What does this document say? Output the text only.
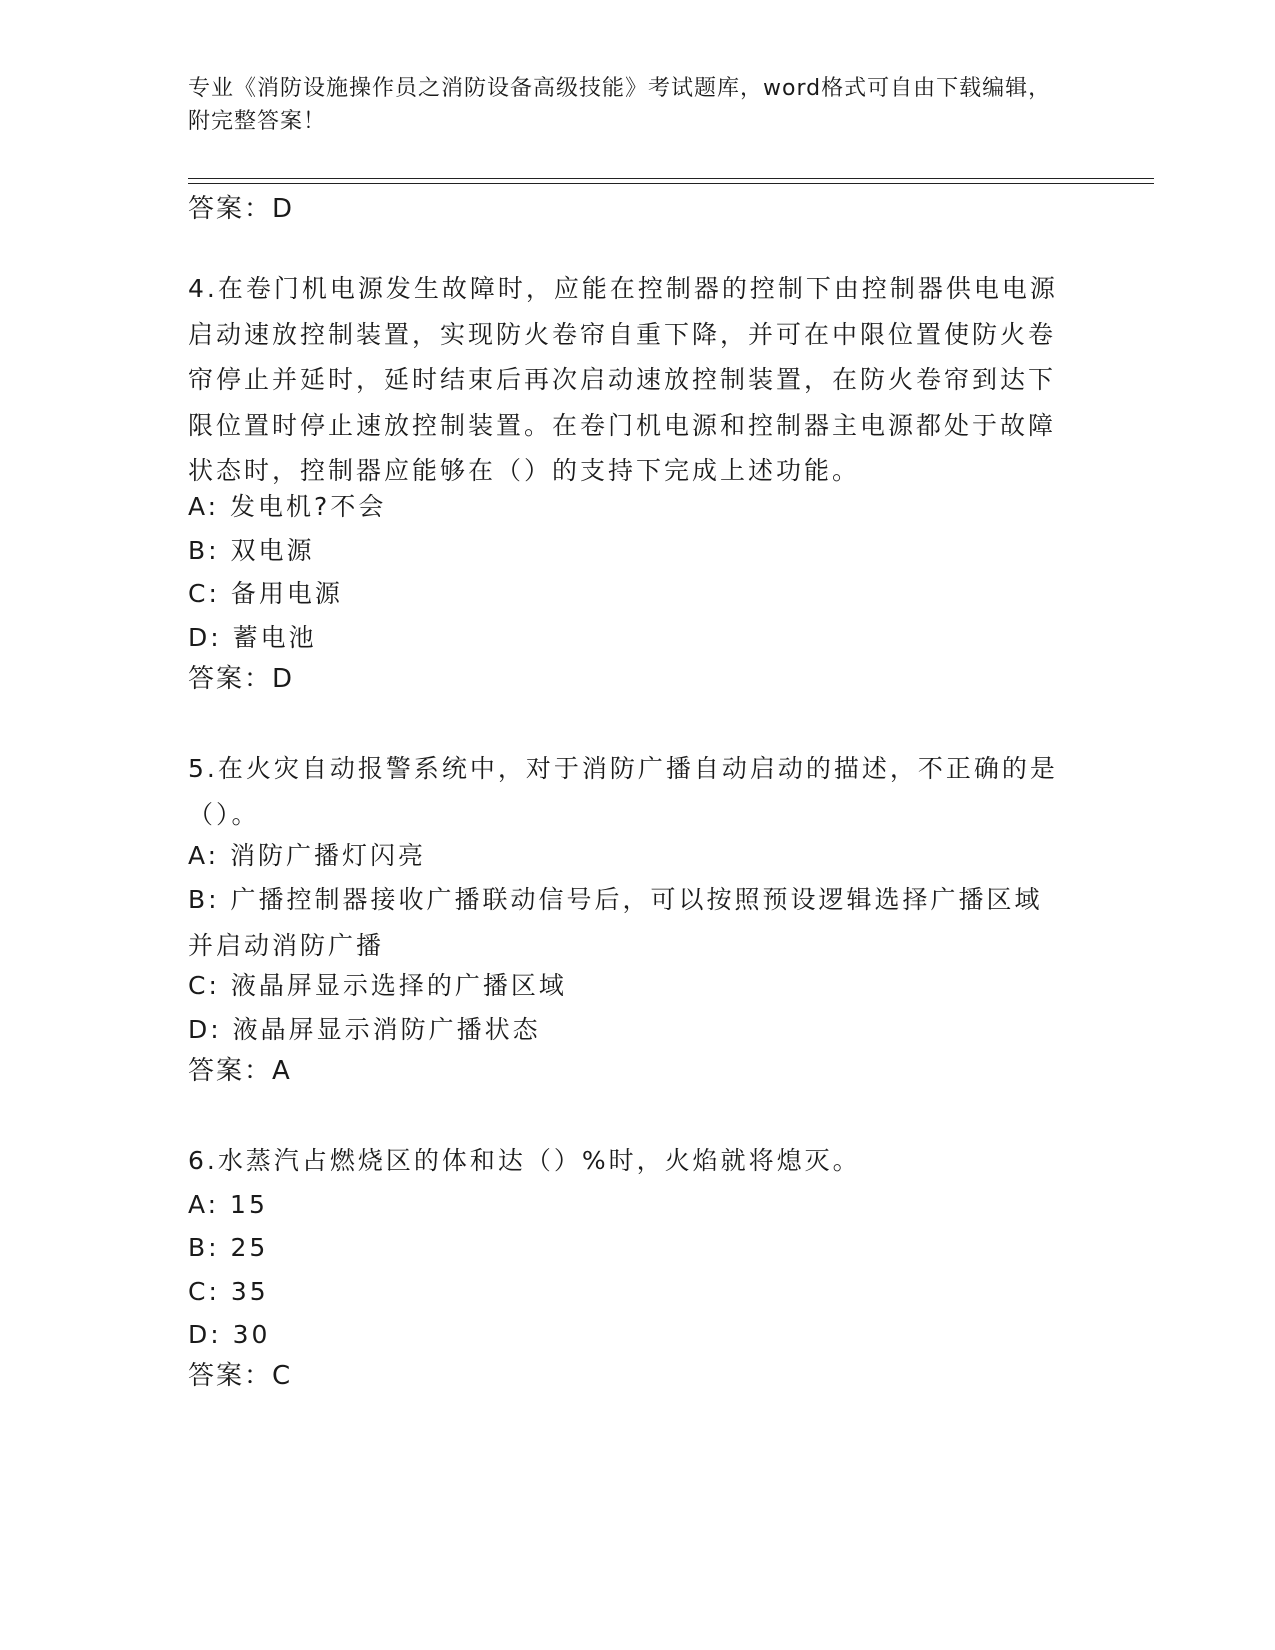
专业《消防设施操作员之消防设备高级技能》考试题库，word格式可自由下载编辑，附完整答案！
答案：D

4.在卷门机电源发生故障时，应能在控制器的控制下由控制器供电电源启动速放控制装置，实现防火卷帘自重下降，并可在中限位置使防火卷帘停止并延时，延时结束后再次启动速放控制装置，在防火卷帘到达下限位置时停止速放控制装置。在卷门机电源和控制器主电源都处于故障状态时，控制器应能够在（）的支持下完成上述功能。

A: 发电机?不会

B: 双电源

C: 备用电源

D: 蓄电池

答案：D

5.在火灾自动报警系统中，对于消防广播自动启动的描述，不正确的是（）。

A: 消防广播灯闪亮

B: 广播控制器接收广播联动信号后，可以按照预设逻辑选择广播区域并启动消防广播

C: 液晶屏显示选择的广播区域

D: 液晶屏显示消防广播状态

答案：A

6.水蒸汽占燃烧区的体和达（）%时，火焰就将熄灭。

A: 15

B: 25

C: 35

D: 30

答案：C
